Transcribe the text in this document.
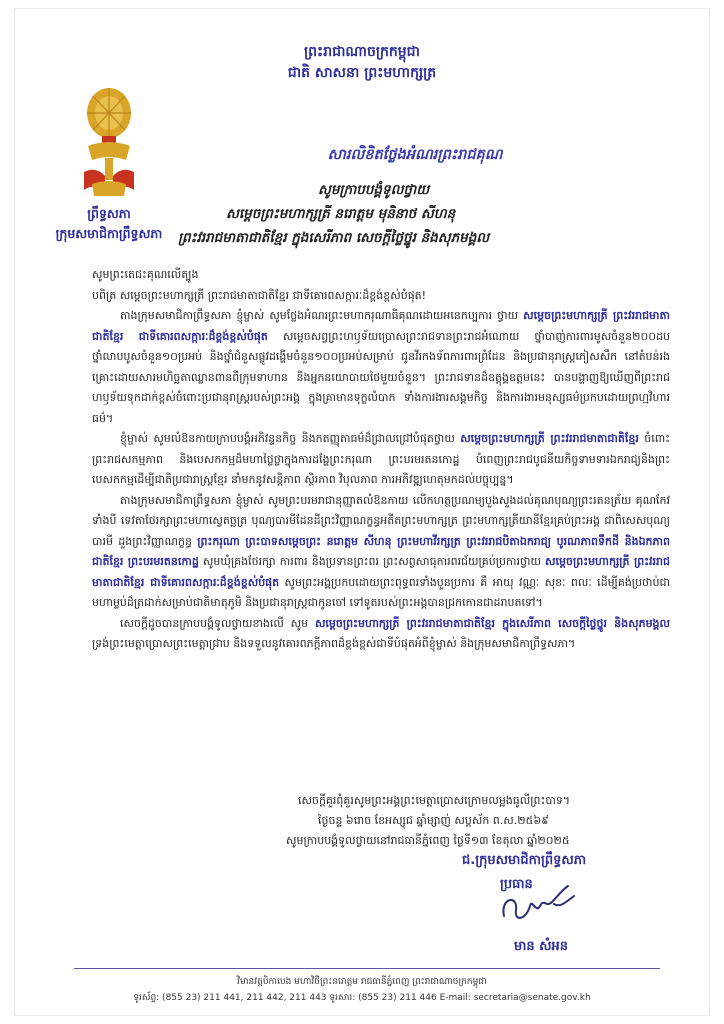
ព្រះរាជាណាចក្រកម្ពុជា
ជាតិ សាសនា ព្រះមហាក្សត្រ
ព្រឹទ្ធសភា
ក្រុមសមាជិកាព្រឹទ្ធសភា
សារលិខិតថ្លែងអំណរព្រះរាជគុណ
សូមក្រាបបង្គំទូលថ្វាយ
សម្តេចព្រះមហាក្សត្រី នរោត្តម មុនិនាថ សីហនុ
ព្រះវររាជមាតាជាតិខ្មែរ ក្នុងសេរីភាព សេចក្តីថ្លៃថ្នូរ និងសុភមង្គល

សូមព្រះតេជះគុណលើត្បូង

បពិត្រ សម្តេចព្រះមហាក្សត្រី ព្រះរាជមាតាជាតិខ្មែរ ជាទីគោរពសក្ការៈដ៏ខ្ពង់ខ្ពស់បំផុត!

តាងក្រុមសមាជិកាព្រឹទ្ធសភា ខ្ញុំម្ចាស់ សូមថ្លែងអំណរព្រះមហាករុណាធិគុណដោយអនេកប្បការ ថ្វាយ សម្តេចព្រះមហាក្សត្រី ព្រះវររាជមាតាជាតិខ្មែរ ជាទីគោរពសក្ការៈដ៏ខ្ពង់ខ្ពស់បំផុត សម្តេចសព្វព្រះហឫទ័យប្រោសព្រះរាជទានព្រះរាជអំណោយ ថ្នាំបាញ់ការពារមូសចំនួន២០០ដប ថ្នាំលាបបូសចំនួន១០ប្រអប់ និងថ្នាំជំនួសផ្លូវដង្ហើមចំនួន១០០ប្រអប់សម្រាប់ ជូនវីរកងទ័ពការពារព្រំដែន និងប្រជានុរាស្ត្រភៀសសឹក នៅតំបន់រងគ្រោះដោយសារមហិច្ឆតាឈ្លានពានពីក្រុមទាហាន និងអ្នកនយោបាយថៃមួយចំនួន។ ព្រះរាជទានដ៏ឧត្តុង្គឧត្តមនេះ បានបង្ហាញឱ្យឃើញពីព្រះរាជហឫទ័យទុកដាក់ខ្ពស់ចំពោះប្រជានុរាស្ត្ររបស់ព្រះអង្គ ក្នុងគ្រាមានទុក្ខលំបាក ទាំងការងារសង្គមកិច្ច និងការងារមនុស្សធម៌ប្រកបដោយព្រហ្មវិហារធម៌។

ខ្ញុំម្ចាស់ សូមលំឱនកាយក្រាបបង្គំអភិវន្ទនកិច្ច និងកតញ្ញុតាធម៌ដ៏ជ្រាលជ្រៅបំផុតថ្វាយ សម្តេចព្រះមហាក្សត្រី ព្រះវររាជមាតាជាតិខ្មែរ ចំពោះព្រះរាជសកម្មភាព និងបេសកកម្មដ៏មហាថ្លៃថ្លាក្នុងការដង្ហែព្រះករុណា ព្រះបរមរតនកោដ្ឋ បំពេញព្រះរាជបូជនីយកិច្ចទាមទារឯករាជ្យនិងព្រះបេសកកម្មដើម្បីជាតិប្រជារាស្ត្រខ្មែរ នាំមកនូវសន្តិភាព ស្ថិរភាព វិបុលភាព ការអភិវឌ្ឍហេតុមកដល់បច្ចុប្បន្ន។

តាងក្រុមសមាជិកាព្រឹទ្ធសភា ខ្ញុំម្ចាស់ សូមព្រះបរមរាជានុញ្ញាតលំឱនកាយ លើកហត្ថប្រណម្យបួងសួងដល់គុណបុណ្យព្រះរតនត្រ័យ គុណកែវទាំងបី ទេវតាថែរក្សាព្រះមហាស្វេតច្ឆត្រ បុណ្យបារមីដែនដីព្រះវិញ្ញាណក្ខន្ធអតីតព្រះមហាក្សត្រ ព្រះមហាក្សត្រីយានីខ្មែរគ្រប់ព្រះអង្គ ជាពិសេសបុណ្យបារមី ដួងព្រះវិញ្ញាណក្ខន្ធ ព្រះករុណា ព្រះបាទសម្តេចព្រះ នរោត្តម សីហនុ ព្រះមហាវីរក្សត្រ ព្រះវររាជបិតាឯករាជ្យ បូរណភាពទឹកដី និងឯកភាពជាតិខ្មែរ ព្រះបរមរតនកោដ្ឋ សូមឃុំគ្រងថែរក្សា ការពារ និងប្រទានព្រះពរ ព្រះសព្វសាធុការពរជ័យគ្រប់ប្រការថ្វាយ សម្តេចព្រះមហាក្សត្រី ព្រះវររាជមាតាជាតិខ្មែរ ជាទីគោរពសក្ការៈដ៏ខ្ពង់ខ្ពស់បំផុត សូមព្រះអង្គប្រកបដោយព្រះពុទ្ធពរទាំងបួនប្រការ គឺ អាយុ វណ្ណៈ សុខៈ ពលៈ ដើម្បីគង់ប្រថាប់ជាមហាម្លប់ដ៏ត្រជាក់សម្រាប់ជាតិមាតុភូមិ និងប្រជានុរាស្ត្រជាកូនចៅ ទៅទូតរបស់ព្រះអង្គបានជ្រកកោនជាដរាបតទៅ។

សេចក្តីដូចបានក្រាបបង្គំទូលថ្វាយខាងលើ សូម សម្តេចព្រះមហាក្សត្រី ព្រះវររាជមាតាជាតិខ្មែរ ក្នុងសេរីភាព សេចក្តីថ្លៃថ្នូរ និងសុភមង្គល ទ្រង់ព្រះមេត្តាប្រោសព្រះមេត្តាជ្រាប និងទទួលនូវគោរពភក្តីភាពដ៏ខ្ពង់ខ្ពស់ជាទីបំផុតអំពីខ្ញុំម្ចាស់ និងក្រុមសមាជិកាព្រឹទ្ធសភា។

សេចក្តីគួរពុំគួរសូមព្រះអង្គព្រះមេត្តាប្រោសក្រោមលម្អងធូលីព្រះបាទ។
ថ្ងៃចន្ទ ៦រោច ខែអស្សុជ ឆ្នាំម្សាញ់ សប្តស័ក ព.ស.២៥៦៩
សូមក្រាបបង្គំទូលថ្វាយនៅរាជធានីភ្នំពេញ ថ្ងៃទី១៣ ខែតុលា ឆ្នាំ២០២៥
ជ.ក្រុមសមាជិកាព្រឹទ្ធសភា
ប្រធាន
មាន សំអន
វិមានវត្តបិកាបេង មហាវិថីព្រះនរោត្តម រាជធានីភ្នំពេញ ព្រះរាជាណាចក្រកម្ពុជា
ទូរស័ព្ទ: (855 23) 211 441, 211 442, 211 443 ទូរសារ: (855 23) 211 446 E-mail: secretaria@senate.gov.kh
